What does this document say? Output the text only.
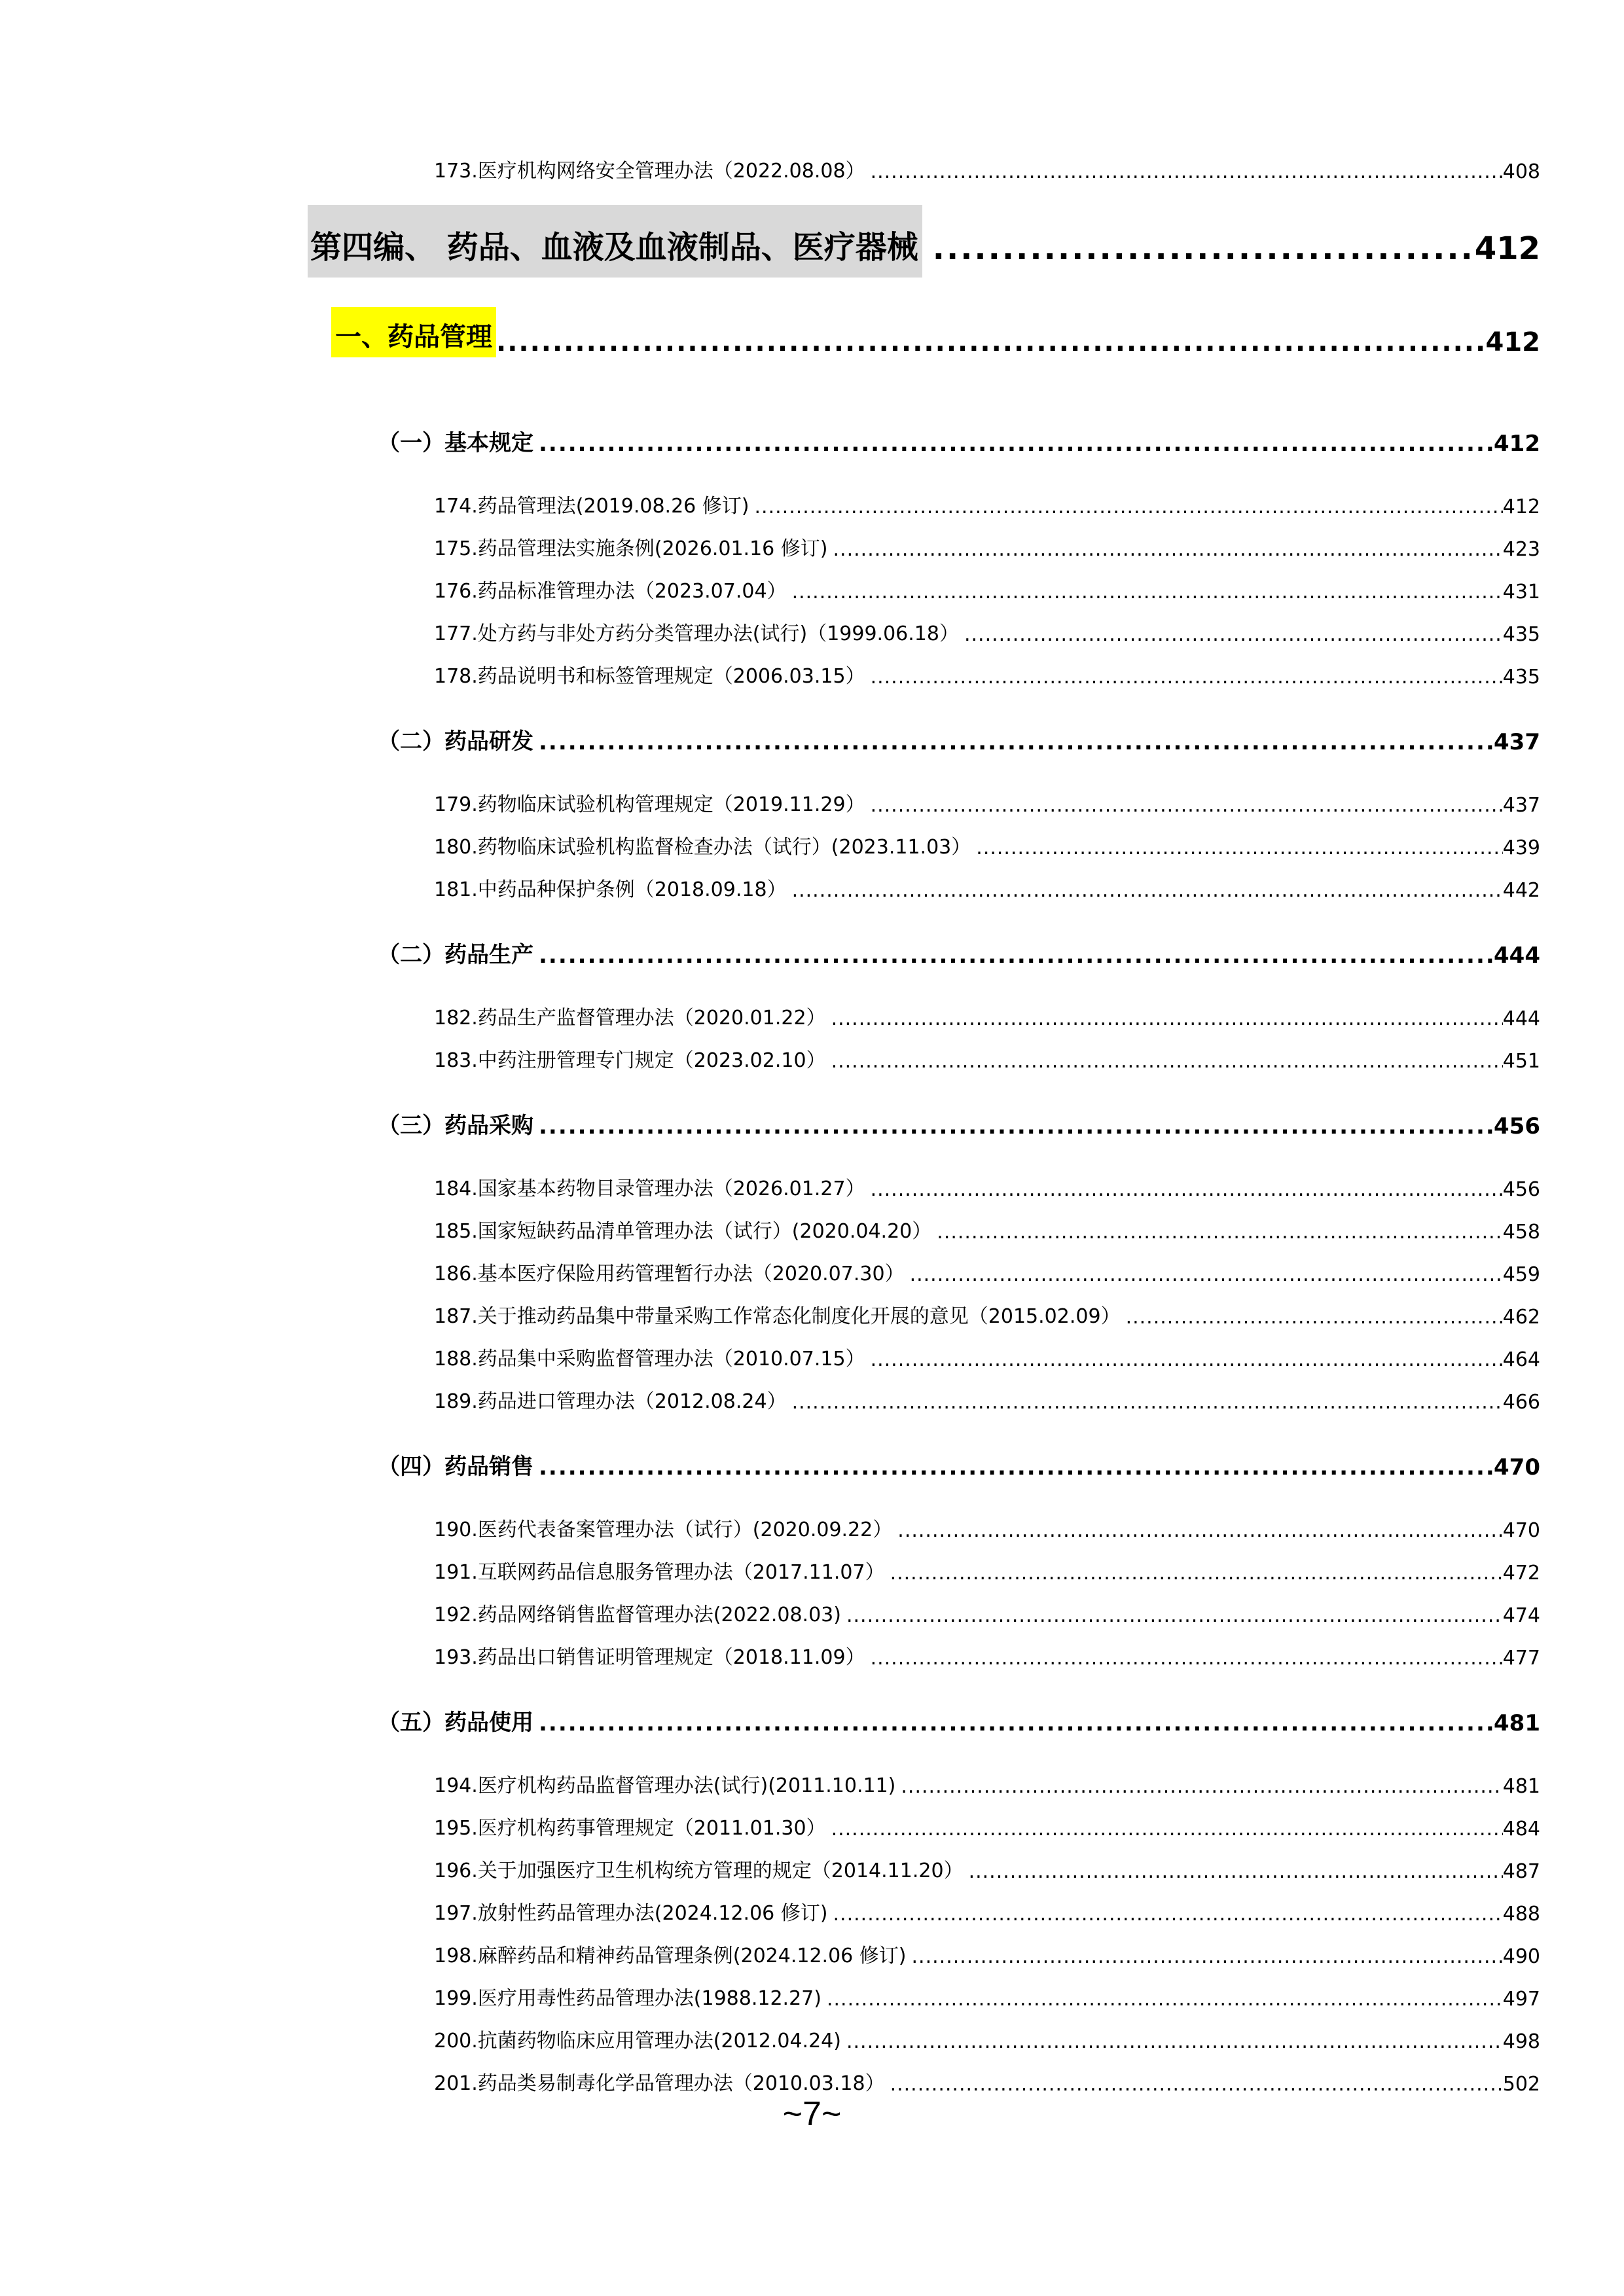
173.医疗机构网络安全管理办法（2022.08.08） .....	408
第四编、 药品、血液及血液制品、医疗器械 .....	412
一、药品管理 .....	412
（一）基本规定 .....	412
174.药品管理法(2019.08.26 修订) .....	412
175.药品管理法实施条例(2026.01.16 修订) .....	423
176.药品标准管理办法（2023.07.04） .....	431
177.处方药与非处方药分类管理办法(试行)（1999.06.18） .....	435
178.药品说明书和标签管理规定（2006.03.15） .....	435
（二）药品研发 .....	437
179.药物临床试验机构管理规定（2019.11.29） .....	437
180.药物临床试验机构监督检查办法（试行）(2023.11.03） .....	439
181.中药品种保护条例（2018.09.18） .....	442
（二）药品生产 .....	444
182.药品生产监督管理办法（2020.01.22） .....	444
183.中药注册管理专门规定（2023.02.10） .....	451
（三）药品采购 .....	456
184.国家基本药物目录管理办法（2026.01.27） .....	456
185.国家短缺药品清单管理办法（试行）(2020.04.20） .....	458
186.基本医疗保险用药管理暂行办法（2020.07.30） .....	459
187.关于推动药品集中带量采购工作常态化制度化开展的意见（2015.02.09） .....	462
188.药品集中采购监督管理办法（2010.07.15） .....	464
189.药品进口管理办法（2012.08.24） .....	466
（四）药品销售 .....	470
190.医药代表备案管理办法（试行）(2020.09.22） .....	470
191.互联网药品信息服务管理办法（2017.11.07） .....	472
192.药品网络销售监督管理办法(2022.08.03) .....	474
193.药品出口销售证明管理规定（2018.11.09） .....	477
（五）药品使用 .....	481
194.医疗机构药品监督管理办法(试行)(2011.10.11) .....	481
195.医疗机构药事管理规定（2011.01.30） .....	484
196.关于加强医疗卫生机构统方管理的规定（2014.11.20） .....	487
197.放射性药品管理办法(2024.12.06 修订) .....	488
198.麻醉药品和精神药品管理条例(2024.12.06 修订) .....	490
199.医疗用毒性药品管理办法(1988.12.27) .....	497
200.抗菌药物临床应用管理办法(2012.04.24) .....	498
201.药品类易制毒化学品管理办法（2010.03.18） .....	502
~7~
